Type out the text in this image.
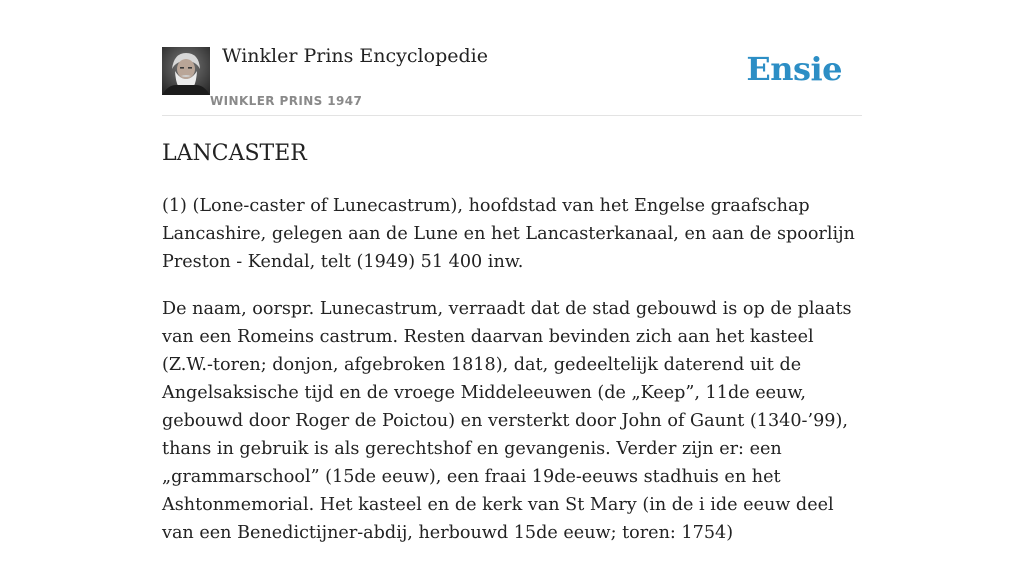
Winkler Prins Encyclopedie
WINKLER PRINS 1947
Ensie
LANCASTER

(1) (Lone-caster of Lunecastrum), hoofdstad van het Engelse graafschap Lancashire, gelegen aan de Lune en het Lancasterkanaal, en aan de spoorlijn Preston - Kendal, telt (1949) 51 400 inw.

De naam, oorspr. Lunecastrum, verraadt dat de stad gebouwd is op de plaats van een Romeins castrum. Resten daarvan bevinden zich aan het kasteel (Z.W.-toren; donjon, afgebroken 1818), dat, gedeeltelijk daterend uit de Angelsaksische tijd en de vroege Middeleeuwen (de „Keep”, 11de eeuw, gebouwd door Roger de Poictou) en versterkt door John of Gaunt (1340-’99), thans in gebruik is als gerechtshof en gevangenis. Verder zijn er: een „grammarschool” (15de eeuw), een fraai 19de-eeuws stadhuis en het Ashtonmemorial. Het kasteel en de kerk van St Mary (in de i ide eeuw deel van een Benedictijner-abdij, herbouwd 15de eeuw; toren: 1754)
